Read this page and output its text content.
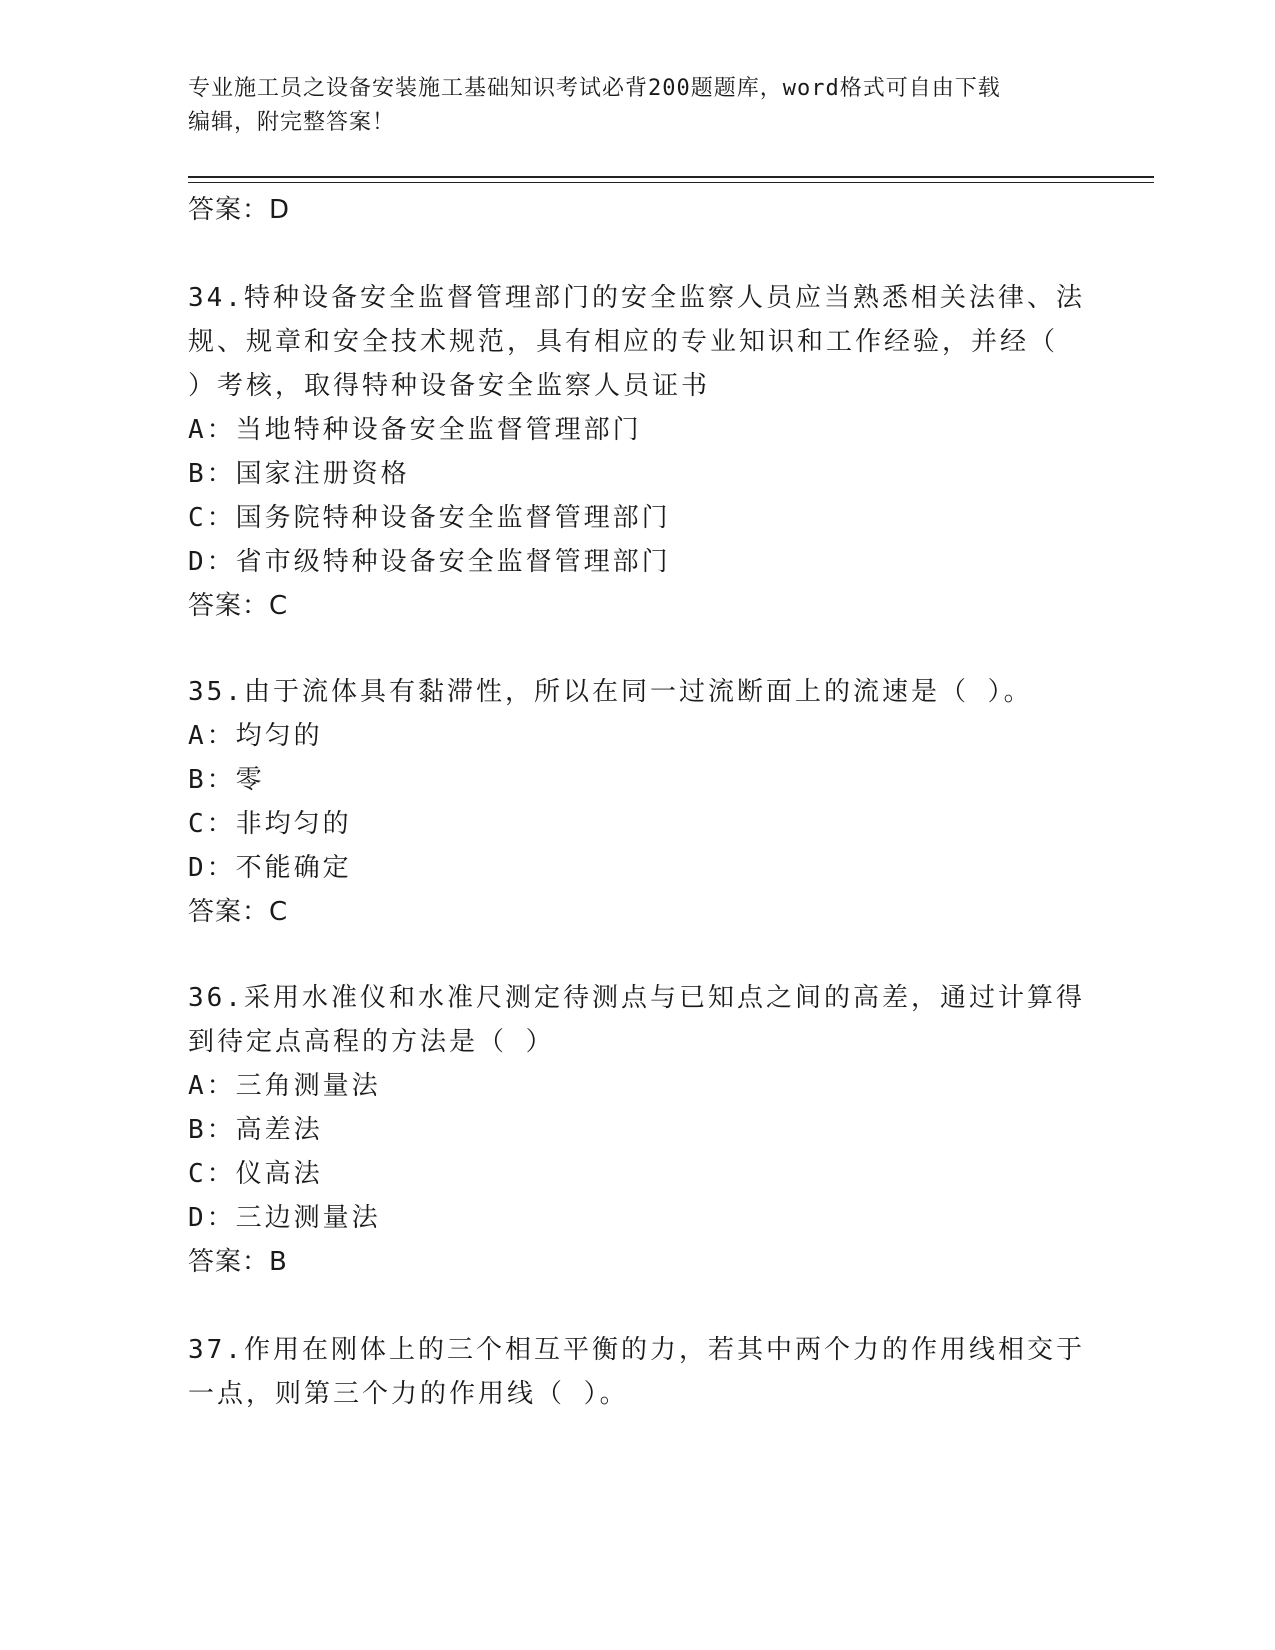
专业施工员之设备安装施工基础知识考试必背200题题库，word格式可自由下载
编辑，附完整答案！
答案：D
34.特种设备安全监督管理部门的安全监察人员应当熟悉相关法律、法
规、规章和安全技术规范，具有相应的专业知识和工作经验，并经（
）考核，取得特种设备安全监察人员证书
A：当地特种设备安全监督管理部门
B：国家注册资格
C：国务院特种设备安全监督管理部门
D：省市级特种设备安全监督管理部门
答案：C
35.由于流体具有黏滞性，所以在同一过流断面上的流速是（ ）。
A：均匀的
B：零
C：非均匀的
D：不能确定
答案：C
36.采用水准仪和水准尺测定待测点与已知点之间的高差，通过计算得
到待定点高程的方法是（ ）
A：三角测量法
B：高差法
C：仪高法
D：三边测量法
答案：B
37.作用在刚体上的三个相互平衡的力，若其中两个力的作用线相交于
一点，则第三个力的作用线（ ）。
